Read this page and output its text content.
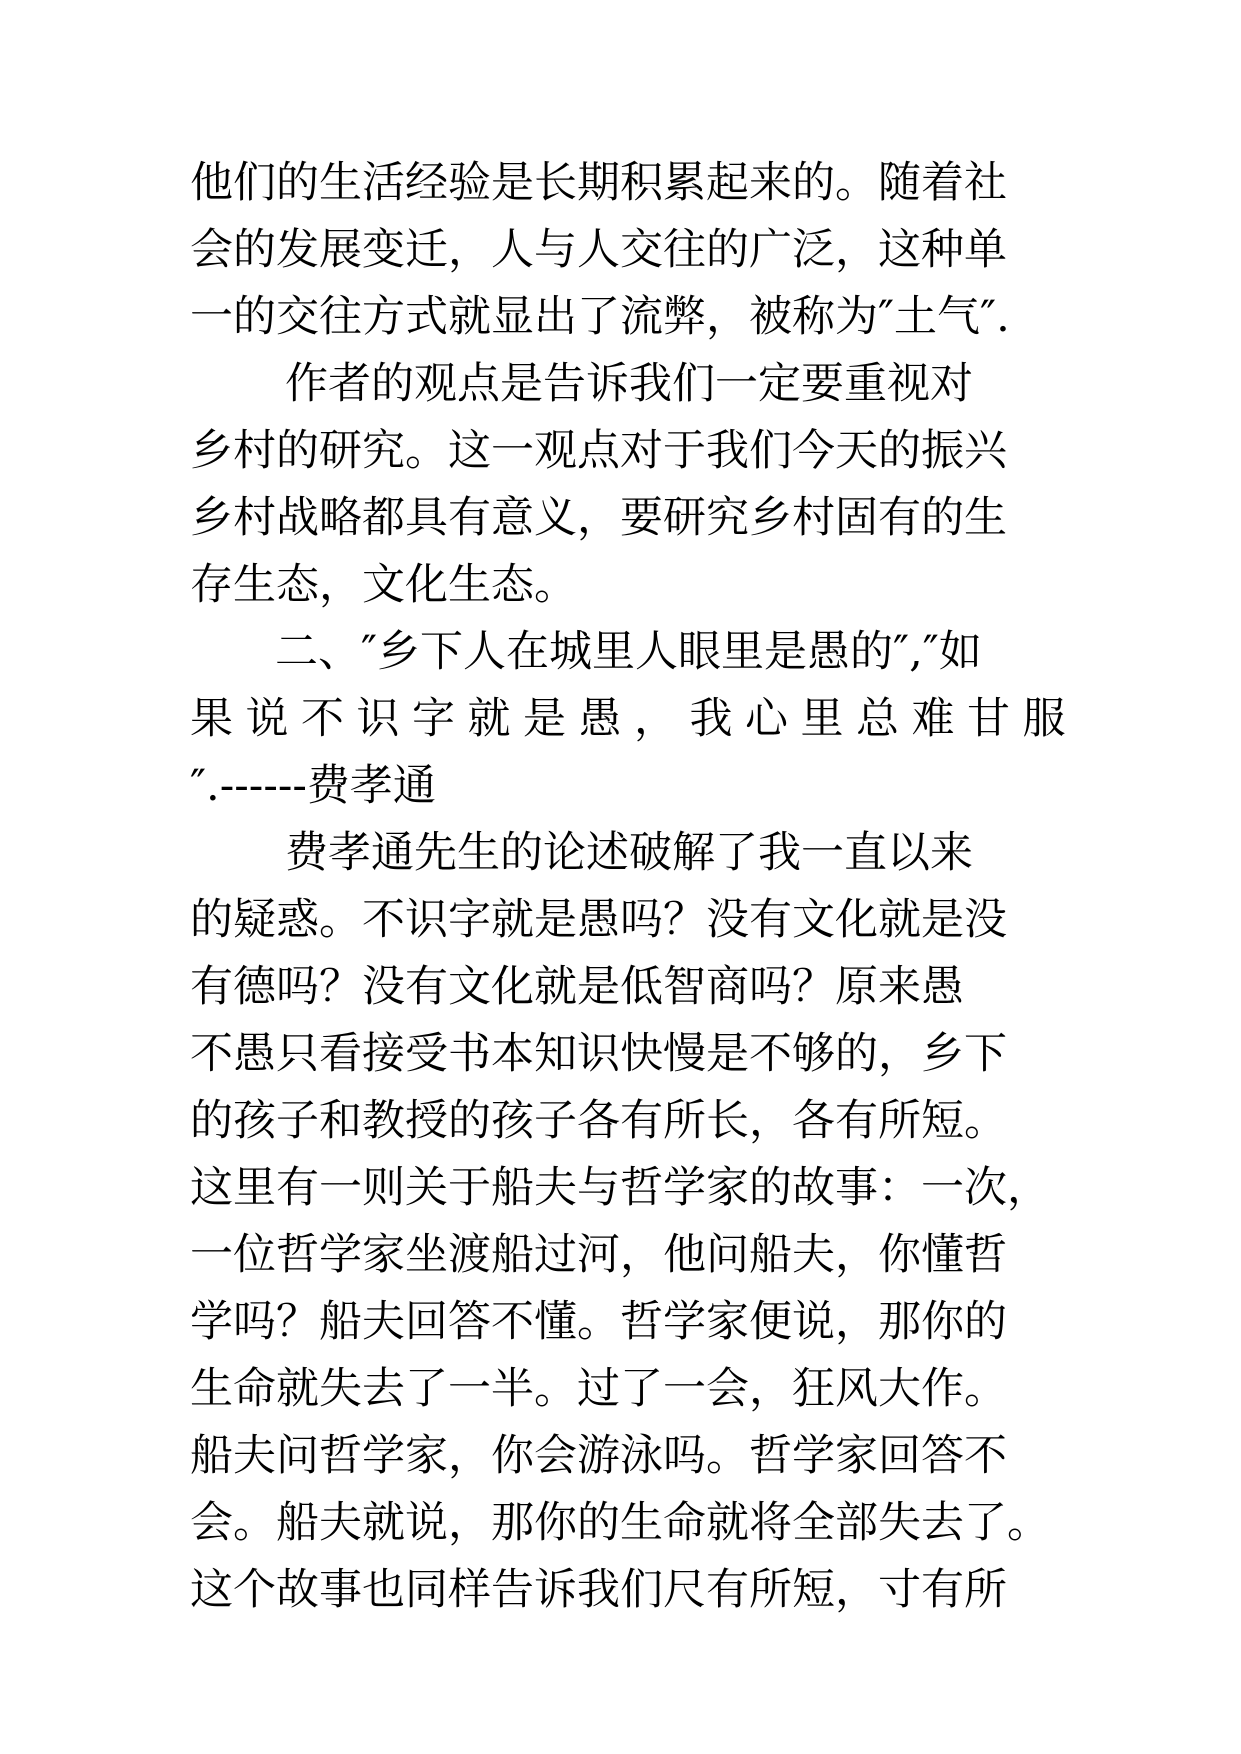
他们的生活经验是长期积累起来的。随着社
会的发展变迁，人与人交往的广泛，这种单
一的交往方式就显出了流弊，被称为″土气″.
作者的观点是告诉我们一定要重视对
乡村的研究。这一观点对于我们今天的振兴
乡村战略都具有意义，要研究乡村固有的生
存生态，文化生态。
二、″乡下人在城里人眼里是愚的″,″如
果说不识字就是愚，我心里总难甘服
″.------费孝通
费孝通先生的论述破解了我一直以来
的疑惑。不识字就是愚吗？没有文化就是没
有德吗？没有文化就是低智商吗？原来愚
不愚只看接受书本知识快慢是不够的，乡下
的孩子和教授的孩子各有所长，各有所短。
这里有一则关于船夫与哲学家的故事：一次，
一位哲学家坐渡船过河，他问船夫，你懂哲
学吗？船夫回答不懂。哲学家便说，那你的
生命就失去了一半。过了一会，狂风大作。
船夫问哲学家，你会游泳吗。哲学家回答不
会。船夫就说，那你的生命就将全部失去了。
这个故事也同样告诉我们尺有所短，寸有所
